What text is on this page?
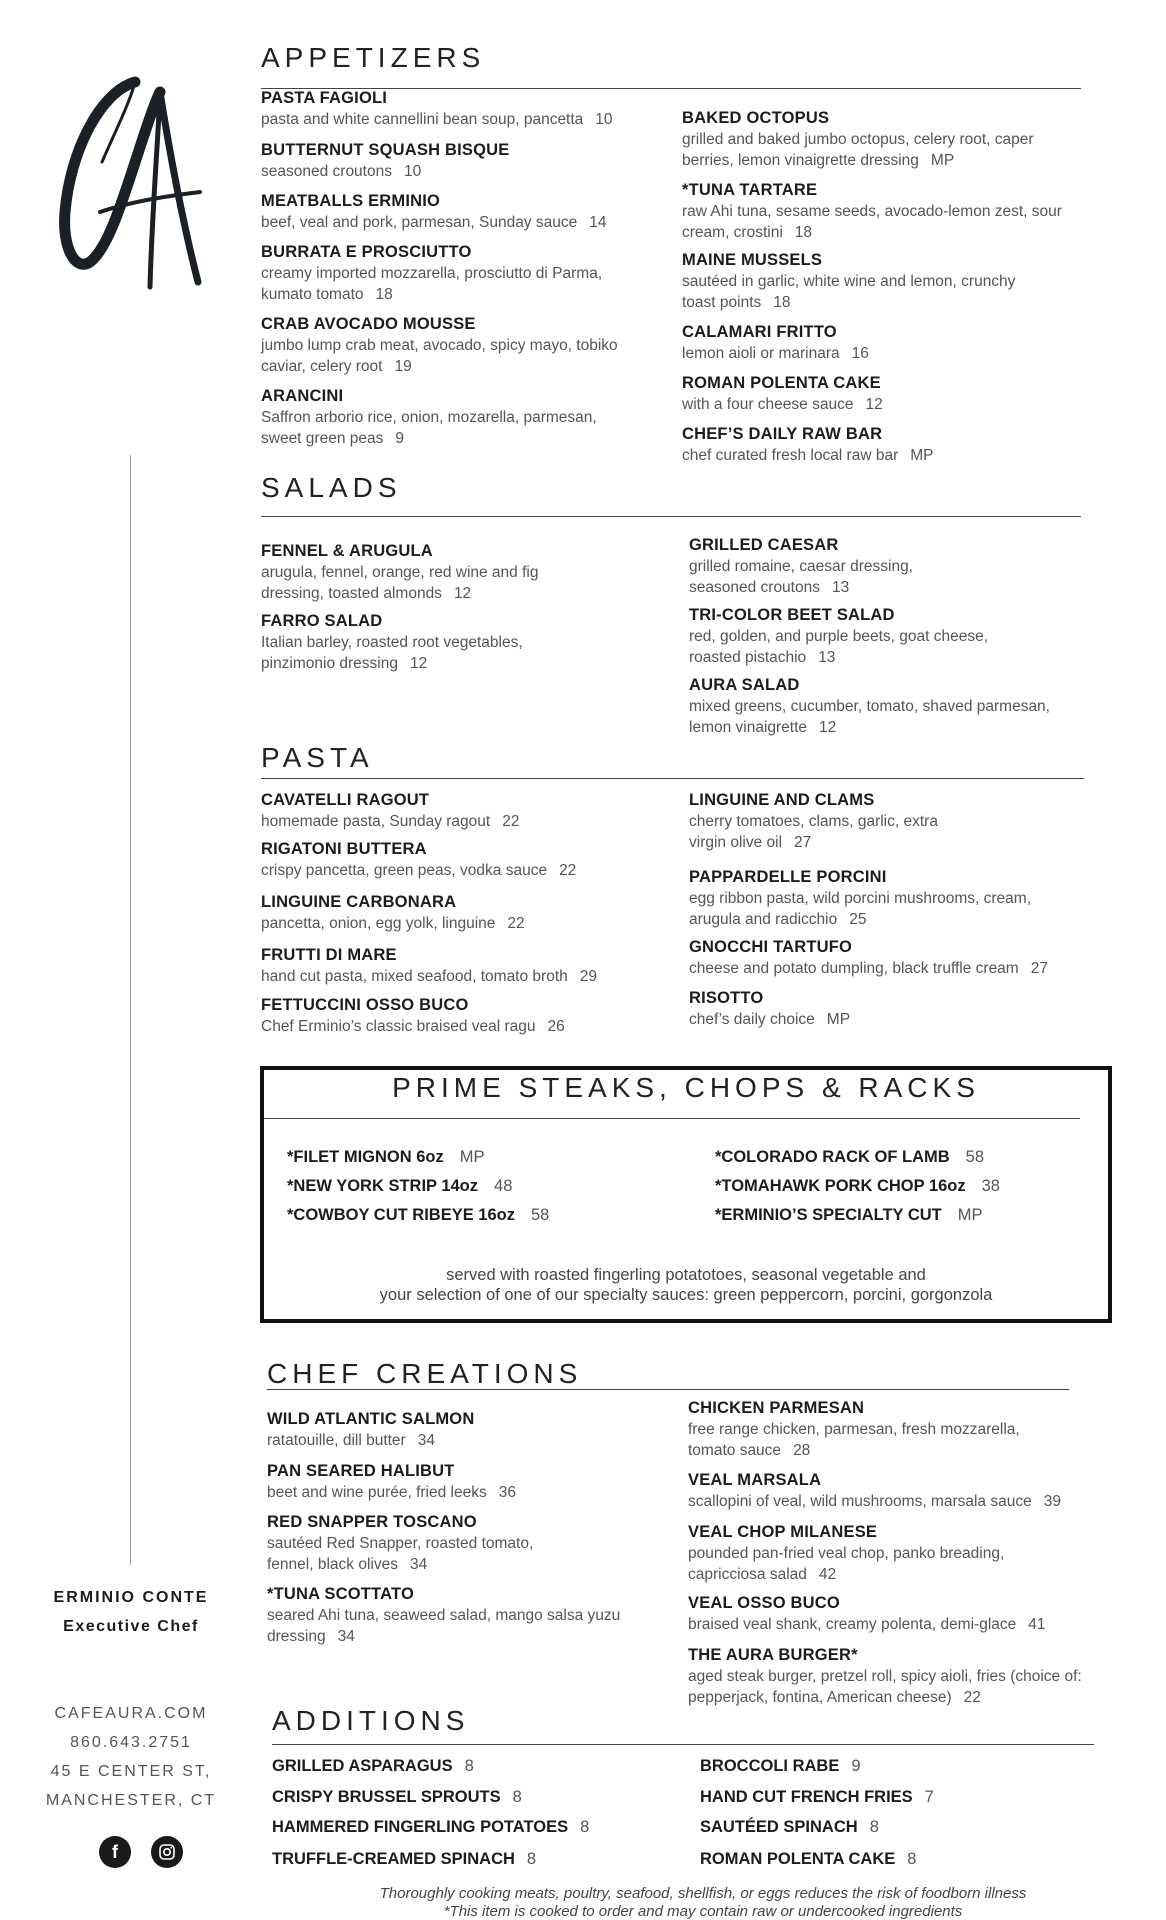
ERMINIO CONTE
Executive Chef
CAFEAURA.COM
860.643.2751
45 E CENTER ST,
MANCHESTER, CT
f
APPETIZERS
PASTA FAGIOLI
pasta and white cannellini bean soup, pancetta 10
BUTTERNUT SQUASH BISQUE
seasoned croutons 10
MEATBALLS ERMINIO
beef, veal and pork, parmesan, Sunday sauce 14
BURRATA E PROSCIUTTO
creamy imported mozzarella, prosciutto di Parma, kumato tomato 18
CRAB AVOCADO MOUSSE
jumbo lump crab meat, avocado, spicy mayo, tobiko caviar, celery root 19
ARANCINI
Saffron arborio rice, onion, mozarella, parmesan, sweet green peas 9
BAKED OCTOPUS
grilled and baked jumbo octopus, celery root, caper berries, lemon vinaigrette dressing MP
*TUNA TARTARE
raw Ahi tuna, sesame seeds, avocado-lemon zest, sour cream, crostini 18
MAINE MUSSELS
sautéed in garlic, white wine and lemon, crunchy toast points 18
CALAMARI FRITTO
lemon aioli or marinara 16
ROMAN POLENTA CAKE
with a four cheese sauce 12
CHEF’S DAILY RAW BAR
chef curated fresh local raw bar MP
SALADS
FENNEL & ARUGULA
arugula, fennel, orange, red wine and fig dressing, toasted almonds 12
FARRO SALAD
Italian barley, roasted root vegetables, pinzimonio dressing 12
GRILLED CAESAR
grilled romaine, caesar dressing, seasoned croutons 13
TRI-COLOR BEET SALAD
red, golden, and purple beets, goat cheese, roasted pistachio 13
AURA SALAD
mixed greens, cucumber, tomato, shaved parmesan, lemon vinaigrette 12
PASTA
CAVATELLI RAGOUT
homemade pasta, Sunday ragout 22
RIGATONI BUTTERA
crispy pancetta, green peas, vodka sauce 22
LINGUINE CARBONARA
pancetta, onion, egg yolk, linguine 22
FRUTTI DI MARE
hand cut pasta, mixed seafood, tomato broth 29
FETTUCCINI OSSO BUCO
Chef Erminio’s classic braised veal ragu 26
LINGUINE AND CLAMS
cherry tomatoes, clams, garlic, extra virgin olive oil 27
PAPPARDELLE PORCINI
egg ribbon pasta, wild porcini mushrooms, cream, arugula and radicchio 25
GNOCCHI TARTUFO
cheese and potato dumpling, black truffle cream 27
RISOTTO
chef’s daily choice MP
PRIME STEAKS, CHOPS & RACKS
*FILET MIGNON 6oz MP
*NEW YORK STRIP 14oz 48
*COWBOY CUT RIBEYE 16oz 58
*COLORADO RACK OF LAMB 58
*TOMAHAWK PORK CHOP 16oz 38
*ERMINIO’S SPECIALTY CUT MP
served with roasted fingerling potatotoes, seasonal vegetable and
your selection of one of our specialty sauces: green peppercorn, porcini, gorgonzola
CHEF CREATIONS
WILD ATLANTIC SALMON
ratatouille, dill butter 34
PAN SEARED HALIBUT
beet and wine purée, fried leeks 36
RED SNAPPER TOSCANO
sautéed Red Snapper, roasted tomato, fennel, black olives 34
*TUNA SCOTTATO
seared Ahi tuna, seaweed salad, mango salsa yuzu dressing 34
CHICKEN PARMESAN
free range chicken, parmesan, fresh mozzarella, tomato sauce 28
VEAL MARSALA
scallopini of veal, wild mushrooms, marsala sauce 39
VEAL CHOP MILANESE
pounded pan-fried veal chop, panko breading, capricciosa salad 42
VEAL OSSO BUCO
braised veal shank, creamy polenta, demi-glace 41
THE AURA BURGER*
aged steak burger, pretzel roll, spicy aioli, fries (choice of: pepperjack, fontina, American cheese) 22
ADDITIONS
GRILLED ASPARAGUS 8
CRISPY BRUSSEL SPROUTS 8
HAMMERED FINGERLING POTATOES 8
TRUFFLE-CREAMED SPINACH 8
BROCCOLI RABE 9
HAND CUT FRENCH FRIES 7
SAUTÉED SPINACH 8
ROMAN POLENTA CAKE 8
Thoroughly cooking meats, poultry, seafood, shellfish, or eggs reduces the risk of foodborn illness
*This item is cooked to order and may contain raw or undercooked ingredients
